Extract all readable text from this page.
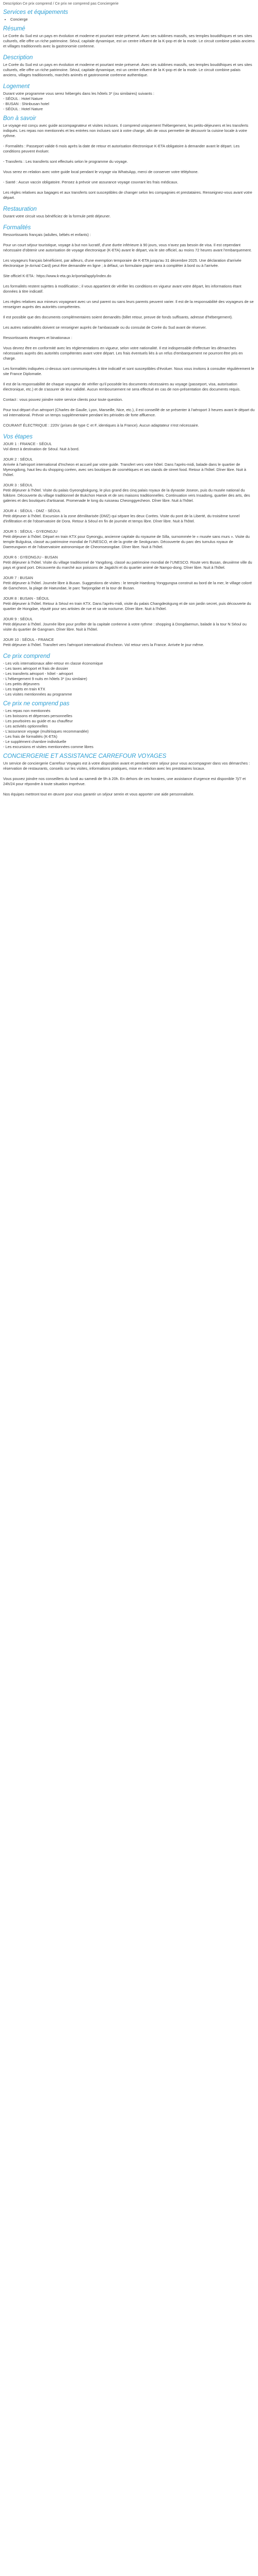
Description Ce prix comprend / Ce prix ne comprend pas Conciergerie
Services et équipements
• Concierge
Résumé

Le Corée du Sud est un pays en évolution et moderne et pourtant reste préservé. Avec ses sublimes massifs, ses temples bouddhiques et ses sites culturels, elle offre un riche patrimoine. Séoul, capitale dynamique, est un centre influent de la K-pop et de la mode. Le circuit combine palais anciens et villages traditionnels avec la gastronomie coréenne.

Description

Le Corée du Sud est un pays en évolution et moderne et pourtant reste préservé. Avec ses sublimes massifs, ses temples bouddhiques et ses sites culturels, elle offre un riche patrimoine. Séoul, capitale dynamique, est un centre influent de la K-pop et de la mode. Le circuit combine palais anciens, villages traditionnels, marchés animés et gastronomie coréenne authentique.

Logement
Durant votre programme vous serez hébergés dans les hôtels 3* (ou similaires) suivants :
- SÉOUL : Hotel Nature
- BUSAN : Shinbusan hotel
- SÉOUL : Hotel Nature
Bon à savoir

Le voyage est conçu avec guide accompagnateur et visites incluses. Il comprend uniquement l'hébergement, les petits-déjeuners et les transferts indiqués. Les repas non mentionnés et les entrées non incluses sont à votre charge, afin de vous permettre de découvrir la cuisine locale à votre rythme.

- Formalités : Passeport valide 6 mois après la date de retour et autorisation électronique K-ETA obligatoire à demander avant le départ. Les conditions peuvent évoluer.

- Transferts : Les transferts sont effectués selon le programme du voyage.

Vous serez en relation avec votre guide local pendant le voyage via WhatsApp, merci de conserver votre téléphone.

- Santé : Aucun vaccin obligatoire. Pensez à prévoir une assurance voyage couvrant les frais médicaux.

Les règles relatives aux bagages et aux transferts sont susceptibles de changer selon les compagnies et prestataires. Renseignez-vous avant votre départ.

Restauration

Durant votre circuit vous bénéficiez de la formule petit déjeuner.

Formalités

Ressortissants français (adultes, bébés et enfants) :

Pour un court séjour touristique, voyage à but non lucratif, d'une durée inférieure à 90 jours, vous n'avez pas besoin de visa. Il est cependant nécessaire d'obtenir une autorisation de voyage électronique (K-ETA) avant le départ, via le site officiel, au moins 72 heures avant l'embarquement.

Les voyageurs français bénéficient, par ailleurs, d'une exemption temporaire de K-ETA jusqu'au 31 décembre 2025. Une déclaration d'arrivée électronique (e-Arrival Card) peut être demandée en ligne ; à défaut, un formulaire papier sera à compléter à bord ou à l'arrivée.

Site officiel K-ETA : https://www.k-eta.go.kr/portal/apply/index.do

Les formalités restent sujettes à modification ; il vous appartient de vérifier les conditions en vigueur avant votre départ, les informations étant données à titre indicatif.

Les règles relatives aux mineurs voyageant avec un seul parent ou sans leurs parents peuvent varier. Il est de la responsabilité des voyageurs de se renseigner auprès des autorités compétentes.

Il est possible que des documents complémentaires soient demandés (billet retour, preuve de fonds suffisants, adresse d'hébergement).

Les autres nationalités doivent se renseigner auprès de l'ambassade ou du consulat de Corée du Sud avant de réserver.

Ressortissants étrangers et binationaux :

Vous devrez être en conformité avec les réglementations en vigueur, selon votre nationalité. Il est indispensable d'effectuer les démarches nécessaires auprès des autorités compétentes avant votre départ. Les frais éventuels liés à un refus d'embarquement ne pourront être pris en charge.

Les formalités indiquées ci-dessus sont communiquées à titre indicatif et sont susceptibles d'évoluer. Nous vous invitons à consulter régulièrement le site France Diplomatie.

Il est de la responsabilité de chaque voyageur de vérifier qu'il possède les documents nécessaires au voyage (passeport, visa, autorisation électronique, etc.) et de s'assurer de leur validité. Aucun remboursement ne sera effectué en cas de non-présentation des documents requis.

Contact : vous pouvez joindre notre service clients pour toute question.

Pour tout départ d'un aéroport (Charles de Gaulle, Lyon, Marseille, Nice, etc.), il est conseillé de se présenter à l'aéroport 3 heures avant le départ du vol international. Prévoir un temps supplémentaire pendant les périodes de forte affluence.

COURANT ÉLECTRIQUE : 220V (prises de type C et F, identiques à la France). Aucun adaptateur n'est nécessaire.

Vos étapes
JOUR 1 : FRANCE - SÉOUL

Vol direct à destination de Séoul. Nuit à bord.

JOUR 2 : SÉOUL

Arrivée à l'aéroport international d'Incheon et accueil par votre guide. Transfert vers votre hôtel. Dans l'après-midi, balade dans le quartier de Myeongdong, haut lieu du shopping coréen, avec ses boutiques de cosmétiques et ses stands de street food. Retour à l'hôtel. Dîner libre. Nuit à l'hôtel.

JOUR 3 : SÉOUL

Petit déjeuner à l'hôtel. Visite du palais Gyeongbokgung, le plus grand des cinq palais royaux de la dynastie Joseon, puis du musée national du folklore. Découverte du village traditionnel de Bukchon Hanok et de ses maisons traditionnelles. Continuation vers Insadong, quartier des arts, des galeries et des boutiques d'artisanat. Promenade le long du ruisseau Cheonggyecheon. Dîner libre. Nuit à l'hôtel.

JOUR 4 : SÉOUL - DMZ - SÉOUL

Petit déjeuner à l'hôtel. Excursion à la zone démilitarisée (DMZ) qui sépare les deux Corées. Visite du pont de la Liberté, du troisième tunnel d'infiltration et de l'observatoire de Dora. Retour à Séoul en fin de journée et temps libre. Dîner libre. Nuit à l'hôtel.

JOUR 5 : SÉOUL - GYEONGJU

Petit déjeuner à l'hôtel. Départ en train KTX pour Gyeongju, ancienne capitale du royaume de Silla, surnommée le « musée sans murs ». Visite du temple Bulguksa, classé au patrimoine mondial de l'UNESCO, et de la grotte de Seokguram. Découverte du parc des tumulus royaux de Daereungwon et de l'observatoire astronomique de Cheomseongdae. Dîner libre. Nuit à l'hôtel.

JOUR 6 : GYEONGJU - BUSAN

Petit déjeuner à l'hôtel. Visite du village traditionnel de Yangdong, classé au patrimoine mondial de l'UNESCO. Route vers Busan, deuxième ville du pays et grand port. Découverte du marché aux poissons de Jagalchi et du quartier animé de Nampo-dong. Dîner libre. Nuit à l'hôtel.

JOUR 7 : BUSAN

Petit déjeuner à l'hôtel. Journée libre à Busan. Suggestions de visites : le temple Haedong Yonggungsa construit au bord de la mer, le village coloré de Gamcheon, la plage de Haeundae, le parc Taejongdae et la tour de Busan.

JOUR 8 : BUSAN - SÉOUL

Petit déjeuner à l'hôtel. Retour à Séoul en train KTX. Dans l'après-midi, visite du palais Changdeokgung et de son jardin secret, puis découverte du quartier de Hongdae, réputé pour ses artistes de rue et sa vie nocturne. Dîner libre. Nuit à l'hôtel.

JOUR 9 : SÉOUL

Petit déjeuner à l'hôtel. Journée libre pour profiter de la capitale coréenne à votre rythme : shopping à Dongdaemun, balade à la tour N Séoul ou visite du quartier de Gangnam. Dîner libre. Nuit à l'hôtel.

JOUR 10 : SÉOUL - FRANCE

Petit déjeuner à l'hôtel. Transfert vers l'aéroport international d'Incheon. Vol retour vers la France. Arrivée le jour même.

Ce prix comprend
- Les vols internationaux aller-retour en classe économique
- Les taxes aéroport et frais de dossier
- Les transferts aéroport - hôtel - aéroport
- L'hébergement 9 nuits en hôtels 3* (ou similaire)
- Les petits déjeuners
- Les trajets en train KTX
- Les visites mentionnées au programme
Ce prix ne comprend pas
- Les repas non mentionnés
- Les boissons et dépenses personnelles
- Les pourboires au guide et au chauffeur
- Les activités optionnelles
- L'assurance voyage (multirisques recommandée)
- Les frais de formalités (K-ETA)
- Le supplément chambre individuelle
- Les excursions et visites mentionnées comme libres
CONCIERGERIE ET ASSISTANCE CARREFOUR VOYAGES

Un service de conciergerie Carrefour Voyages est à votre disposition avant et pendant votre séjour pour vous accompagner dans vos démarches : réservation de restaurants, conseils sur les visites, informations pratiques, mise en relation avec les prestataires locaux.

Vous pouvez joindre nos conseillers du lundi au samedi de 9h à 20h. En dehors de ces horaires, une assistance d'urgence est disponible 7j/7 et 24h/24 pour répondre à toute situation imprévue.

Nos équipes mettront tout en œuvre pour vous garantir un séjour serein et vous apporter une aide personnalisée.
